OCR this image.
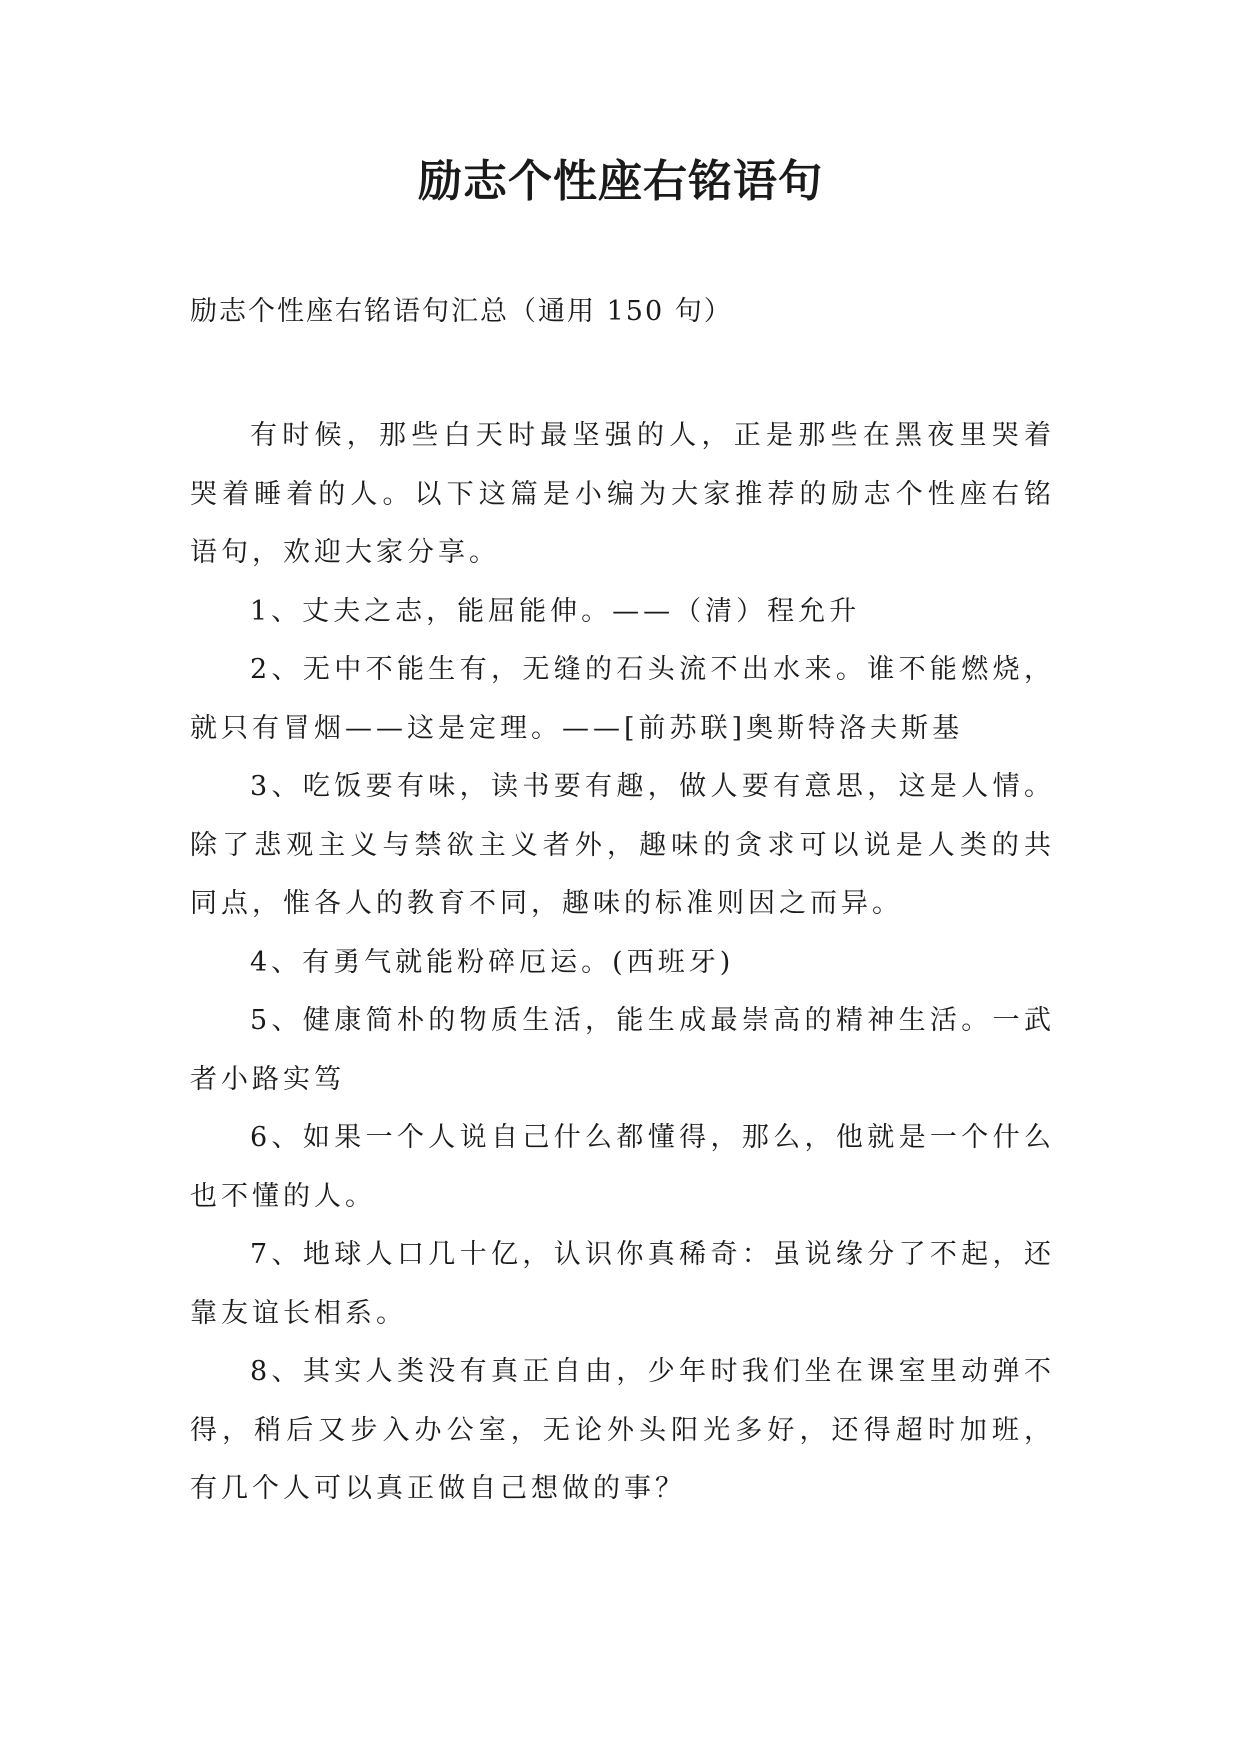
励志个性座右铭语句
励志个性座右铭语句汇总（通用 150 句）

有时候，那些白天时最坚强的人，正是那些在黑夜里哭着哭着睡着的人。以下这篇是小编为大家推荐的励志个性座右铭语句，欢迎大家分享。

1、丈夫之志，能屈能伸。——（清）程允升

2、无中不能生有，无缝的石头流不出水来。谁不能燃烧，就只有冒烟——这是定理。——[前苏联]奥斯特洛夫斯基

3、吃饭要有味，读书要有趣，做人要有意思，这是人情。除了悲观主义与禁欲主义者外，趣味的贪求可以说是人类的共同点，惟各人的教育不同，趣味的标准则因之而异。

4、有勇气就能粉碎厄运。(西班牙)

5、健康简朴的物质生活，能生成最崇高的精神生活。一武者小路实笃

6、如果一个人说自己什么都懂得，那么，他就是一个什么也不懂的人。

7、地球人口几十亿，认识你真稀奇：虽说缘分了不起，还靠友谊长相系。

8、其实人类没有真正自由，少年时我们坐在课室里动弹不得，稍后又步入办公室，无论外头阳光多好，还得超时加班，有几个人可以真正做自己想做的事？
